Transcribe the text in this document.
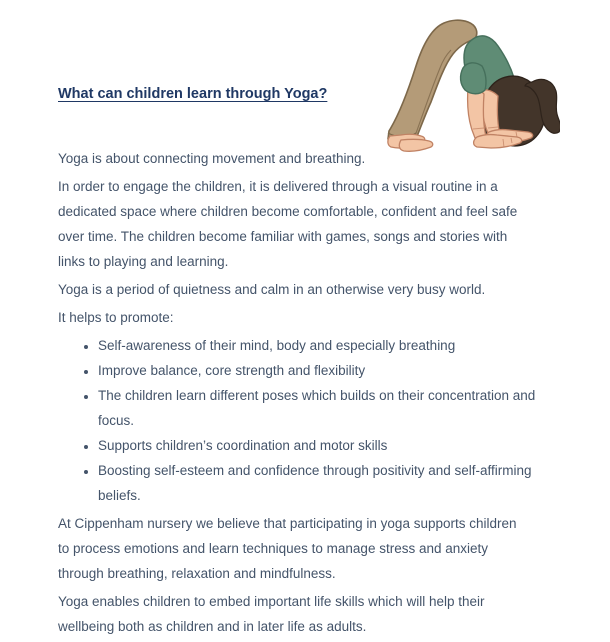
What can children learn through Yoga?

Yoga is about connecting movement and breathing.

In order to engage the children, it is delivered through a visual routine in a dedicated space where children become comfortable, confident and feel safe over time. The children become familiar with games, songs and stories with links to playing and learning.

Yoga is a period of quietness and calm in an otherwise very busy world.

It helps to promote:

• Self-awareness of their mind, body and especially breathing
• Improve balance, core strength and flexibility
• The children learn different poses which builds on their concentration and focus.
• Supports children’s coordination and motor skills
• Boosting self-esteem and confidence through positivity and self-affirming beliefs.

At Cippenham nursery we believe that participating in yoga supports children to process emotions and learn techniques to manage stress and anxiety through breathing, relaxation and mindfulness.

Yoga enables children to embed important life skills which will help their wellbeing both as children and in later life as adults.
